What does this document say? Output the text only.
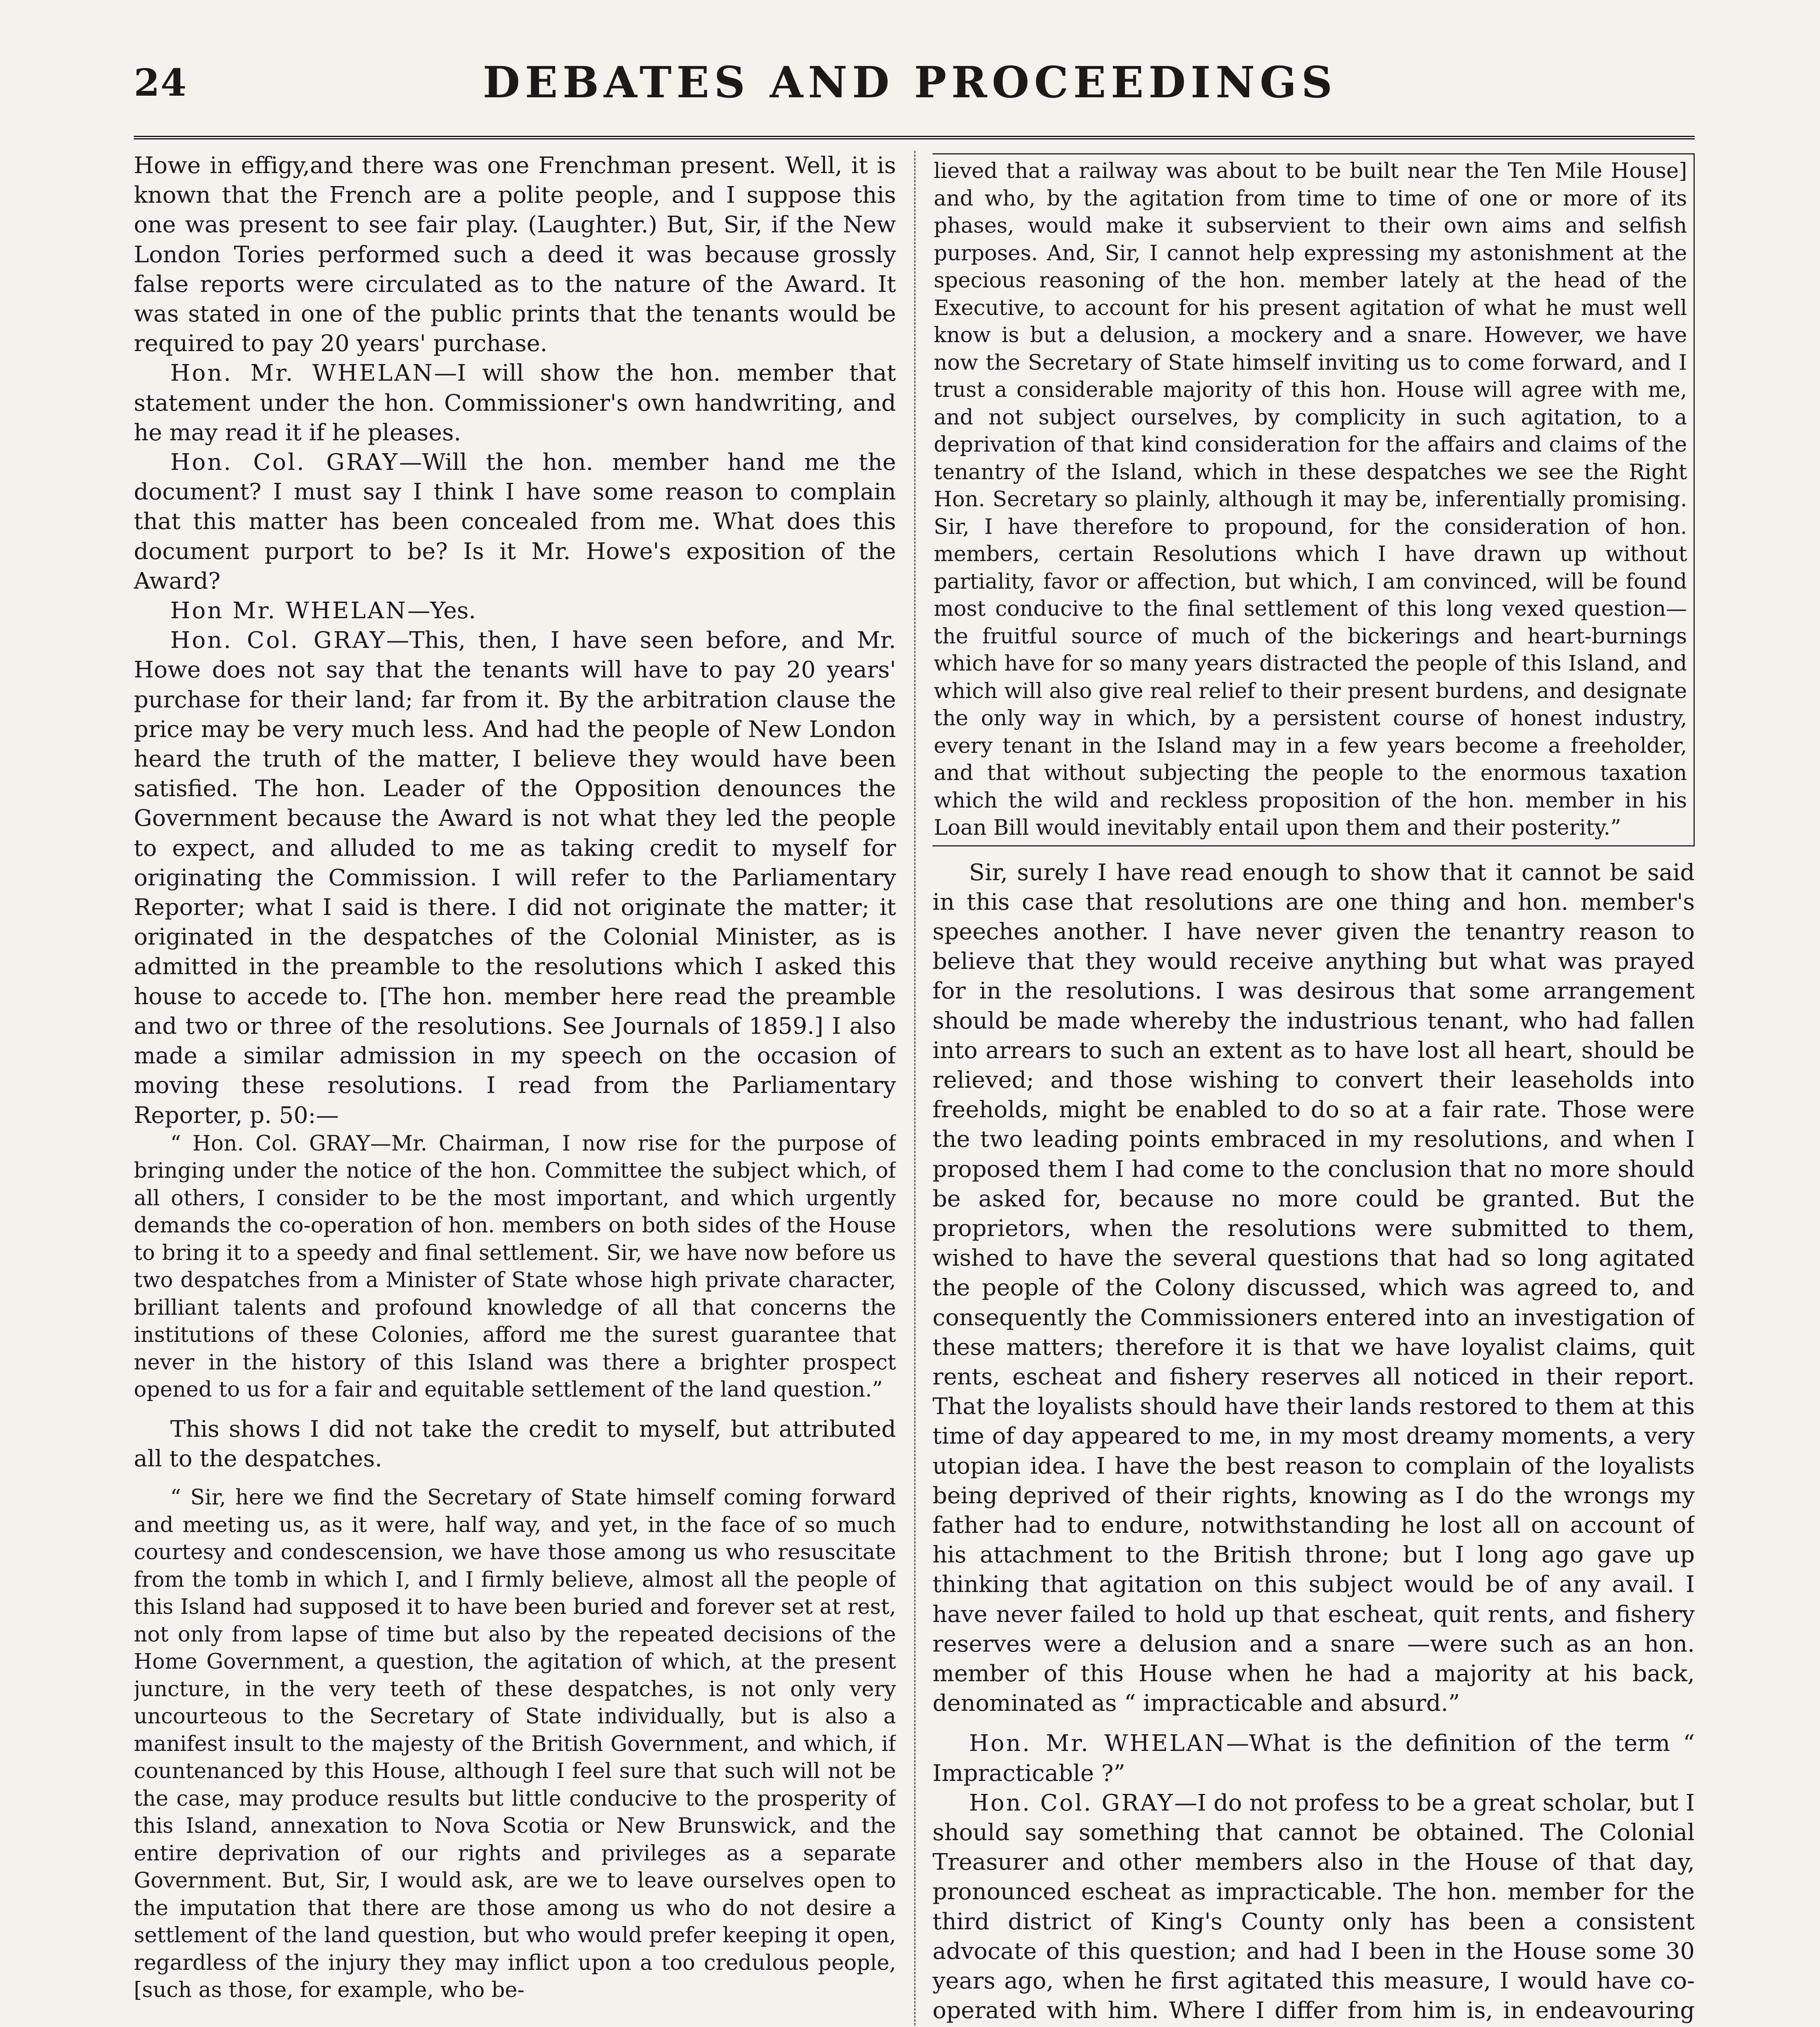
24	DEBATES AND PROCEEDINGS

Howe in effigy,and there was one Frenchman present. Well, it is known that the French are a polite people, and I suppose this one was present to see fair play. (Laughter.) But, Sir, if the New London Tories performed such a deed it was because grossly false reports were circulated as to the nature of the Award. It was stated in one of the public prints that the tenants would be required to pay 20 years' purchase.

Hon. Mr. WHELAN—I will show the hon. member that statement under the hon. Commissioner's own handwriting, and he may read it if he pleases.

Hon. Col. GRAY—Will the hon. member hand me the document? I must say I think I have some reason to complain that this matter has been concealed from me. What does this document purport to be? Is it Mr. Howe's exposition of the Award?

Hon Mr. WHELAN—Yes.

Hon. Col. GRAY—This, then, I have seen before, and Mr. Howe does not say that the tenants will have to pay 20 years' purchase for their land; far from it. By the arbitration clause the price may be very much less. And had the people of New London heard the truth of the matter, I believe they would have been satisfied. The hon. Leader of the Opposition denounces the Government because the Award is not what they led the people to expect, and alluded to me as taking credit to myself for originating the Commission. I will refer to the Parliamentary Reporter; what I said is there. I did not originate the matter; it originated in the despatches of the Colonial Minister, as is admitted in the preamble to the resolutions which I asked this house to accede to. [The hon. member here read the preamble and two or three of the resolutions. See Journals of 1859.] I also made a similar admission in my speech on the occasion of moving these resolutions. I read from the Parliamentary Reporter, p. 50:—

“ Hon. Col. GRAY—Mr. Chairman, I now rise for the purpose of bringing under the notice of the hon. Committee the subject which, of all others, I consider to be the most important, and which urgently demands the co-operation of hon. members on both sides of the House to bring it to a speedy and final settlement. Sir, we have now before us two despatches from a Minister of State whose high private character, brilliant talents and profound knowledge of all that concerns the institutions of these Colonies, afford me the surest guarantee that never in the history of this Island was there a brighter prospect opened to us for a fair and equitable settlement of the land question.”

This shows I did not take the credit to myself, but attributed all to the despatches.

“ Sir, here we find the Secretary of State himself coming forward and meeting us, as it were, half way, and yet, in the face of so much courtesy and condescension, we have those among us who resuscitate from the tomb in which I, and I firmly believe, almost all the people of this Island had supposed it to have been buried and forever set at rest, not only from lapse of time but also by the repeated decisions of the Home Government, a question, the agitation of which, at the present juncture, in the very teeth of these despatches, is not only very uncourteous to the Secretary of State individually, but is also a manifest insult to the majesty of the British Government, and which, if countenanced by this House, although I feel sure that such will not be the case, may produce results but little conducive to the prosperity of this Island, annexation to Nova Scotia or New Brunswick, and the entire deprivation of our rights and privileges as a separate Government. But, Sir, I would ask, are we to leave ourselves open to the imputation that there are those among us who do not desire a settlement of the land question, but who would prefer keeping it open, regardless of the injury they may inflict upon a too credulous people, [such as those, for example, who be-

lieved that a railway was about to be built near the Ten Mile House] and who, by the agitation from time to time of one or more of its phases, would make it subservient to their own aims and selfish purposes. And, Sir, I cannot help expressing my astonishment at the specious reasoning of the hon. member lately at the head of the Executive, to account for his present agitation of what he must well know is but a delusion, a mockery and a snare. However, we have now the Secretary of State himself inviting us to come forward, and I trust a considerable majority of this hon. House will agree with me, and not subject ourselves, by complicity in such agitation, to a deprivation of that kind consideration for the affairs and claims of the tenantry of the Island, which in these despatches we see the Right Hon. Secretary so plainly, although it may be, inferentially promising. Sir, I have therefore to propound, for the consideration of hon. members, certain Resolutions which I have drawn up without partiality, favor or affection, but which, I am convinced, will be found most conducive to the final settlement of this long vexed question—the fruitful source of much of the bickerings and heart-burnings which have for so many years distracted the people of this Island, and which will also give real relief to their present burdens, and designate the only way in which, by a persistent course of honest industry, every tenant in the Island may in a few years become a freeholder, and that without subjecting the people to the enormous taxation which the wild and reckless proposition of the hon. member in his Loan Bill would inevitably entail upon them and their posterity.”

Sir, surely I have read enough to show that it cannot be said in this case that resolutions are one thing and hon. member's speeches another. I have never given the tenantry reason to believe that they would receive anything but what was prayed for in the resolutions. I was desirous that some arrangement should be made whereby the industrious tenant, who had fallen into arrears to such an extent as to have lost all heart, should be relieved; and those wishing to convert their leaseholds into freeholds, might be enabled to do so at a fair rate. Those were the two leading points embraced in my resolutions, and when I proposed them I had come to the conclusion that no more should be asked for, because no more could be granted. But the proprietors, when the resolutions were submitted to them, wished to have the several questions that had so long agitated the people of the Colony discussed, which was agreed to, and consequently the Commissioners entered into an investigation of these matters; therefore it is that we have loyalist claims, quit rents, escheat and fishery reserves all noticed in their report. That the loyalists should have their lands restored to them at this time of day appeared to me, in my most dreamy moments, a very utopian idea. I have the best reason to complain of the loyalists being deprived of their rights, knowing as I do the wrongs my father had to endure, notwithstanding he lost all on account of his attachment to the British throne; but I long ago gave up thinking that agitation on this subject would be of any avail. I have never failed to hold up that escheat, quit rents, and fishery reserves were a delusion and a snare —were such as an hon. member of this House when he had a majority at his back, denominated as “ impracticable and absurd.”

Hon. Mr. WHELAN—What is the definition of the term “ Impracticable ?”

Hon. Col. GRAY—I do not profess to be a great scholar, but I should say something that cannot be obtained. The Colonial Treasurer and other members also in the House of that day, pronounced escheat as impracticable. The hon. member for the third district of King's County only has been a consistent advocate of this question; and had I been in the House some 30 years ago, when he first agitated this measure, I would have co-operated with him. Where I differ from him is, in endeavouring
